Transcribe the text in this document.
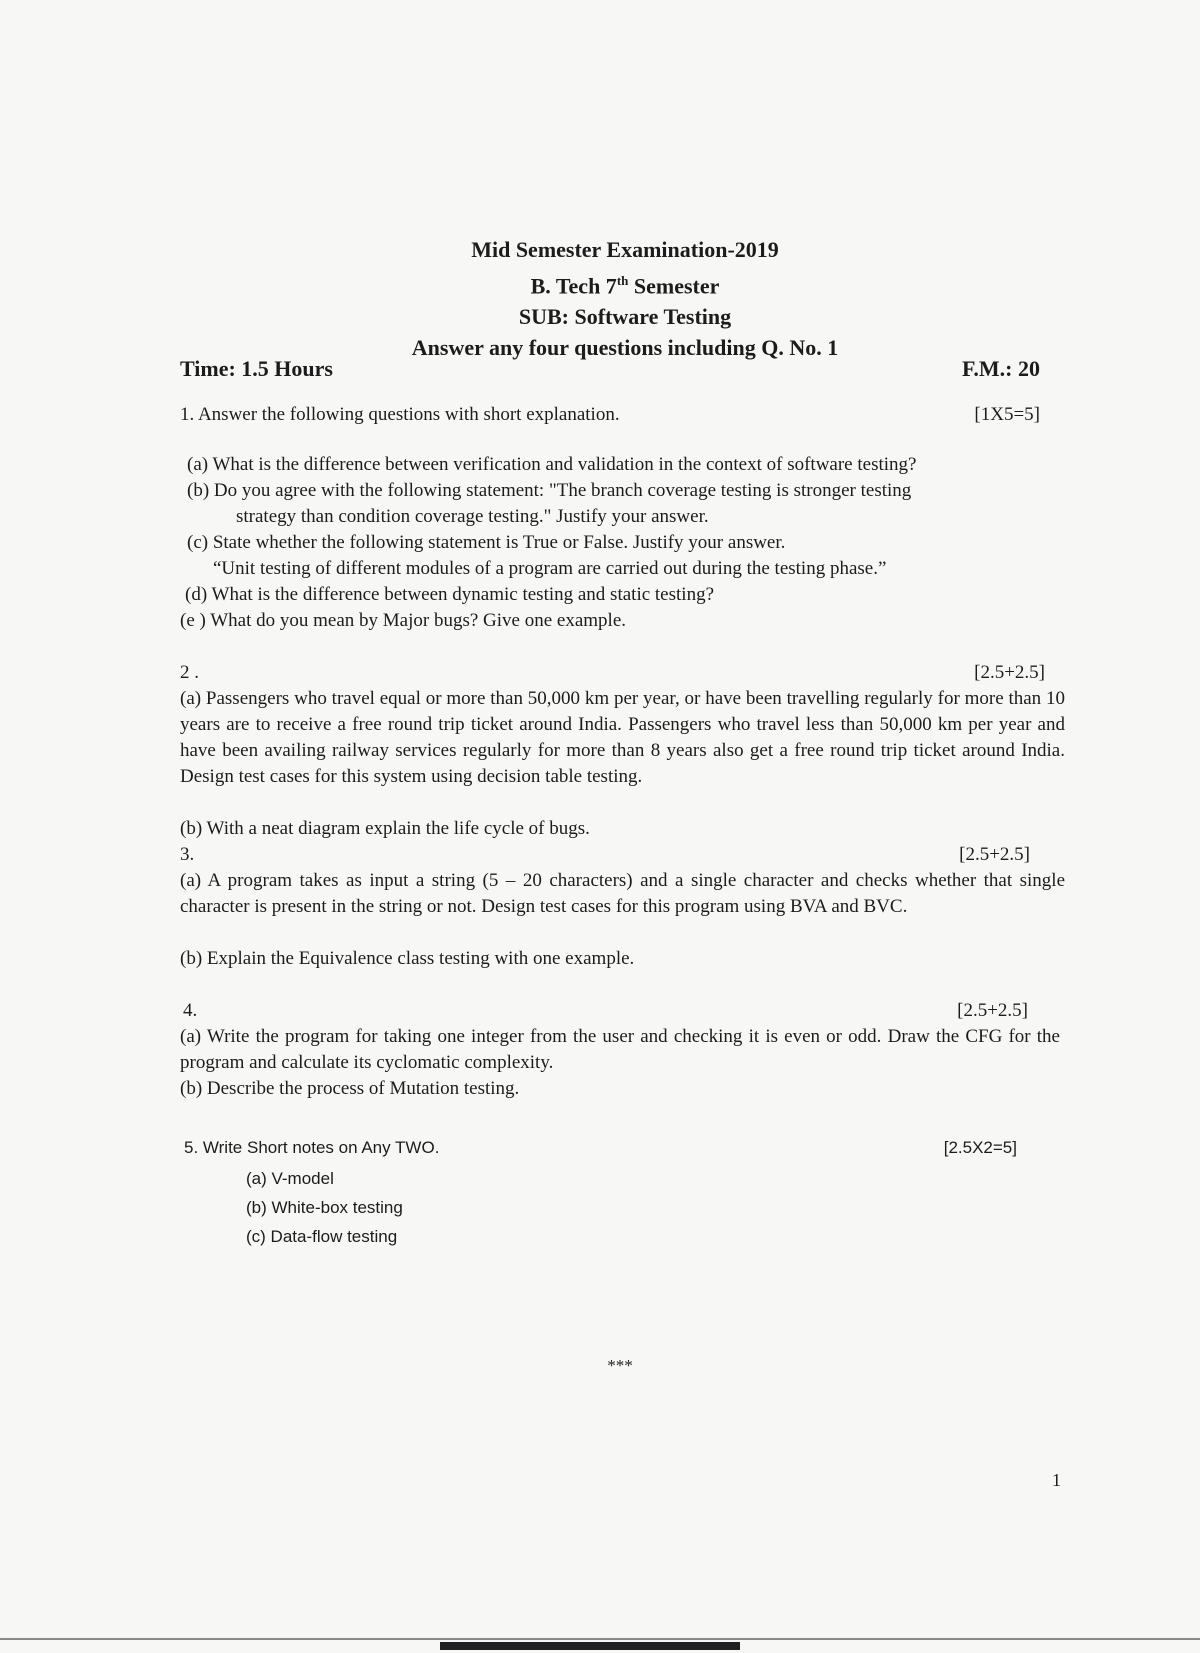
Mid Semester Examination-2019
B. Tech 7th Semester
SUB: Software Testing
Answer any four questions including Q. No. 1
Time: 1.5 Hours	F.M.: 20
1. Answer the following questions with short explanation.	[1X5=5]
(a) What is the difference between verification and validation in the context of software testing?
(b) Do you agree with the following statement: "The branch coverage testing is stronger testing
strategy than condition coverage testing." Justify your answer.
(c) State whether the following statement is True or False. Justify your answer.
“Unit testing of different modules of a program are carried out during the testing phase.”
(d) What is the difference between dynamic testing and static testing?
(e ) What do you mean by Major bugs? Give one example.
2 .	[2.5+2.5]
(a) Passengers who travel equal or more than 50,000 km per year, or have been travelling regularly for more than 10 years are to receive a free round trip ticket around India. Passengers who travel less than 50,000 km per year and have been availing railway services regularly for more than 8 years also get a free round trip ticket around India. Design test cases for this system using decision table testing.
(b) With a neat diagram explain the life cycle of bugs.
3.	[2.5+2.5]
(a) A program takes as input a string (5 – 20 characters) and a single character and checks whether that single character is present in the string or not. Design test cases for this program using BVA and BVC.
(b) Explain the Equivalence class testing with one example.
4.	[2.5+2.5]
(a) Write the program for taking one integer from the user and checking it is even or odd. Draw the CFG for the program and calculate its cyclomatic complexity.
(b) Describe the process of Mutation testing.
5. Write Short notes on Any TWO.	[2.5X2=5]
(a) V-model
(b) White-box testing
(c) Data-flow testing
***
1
